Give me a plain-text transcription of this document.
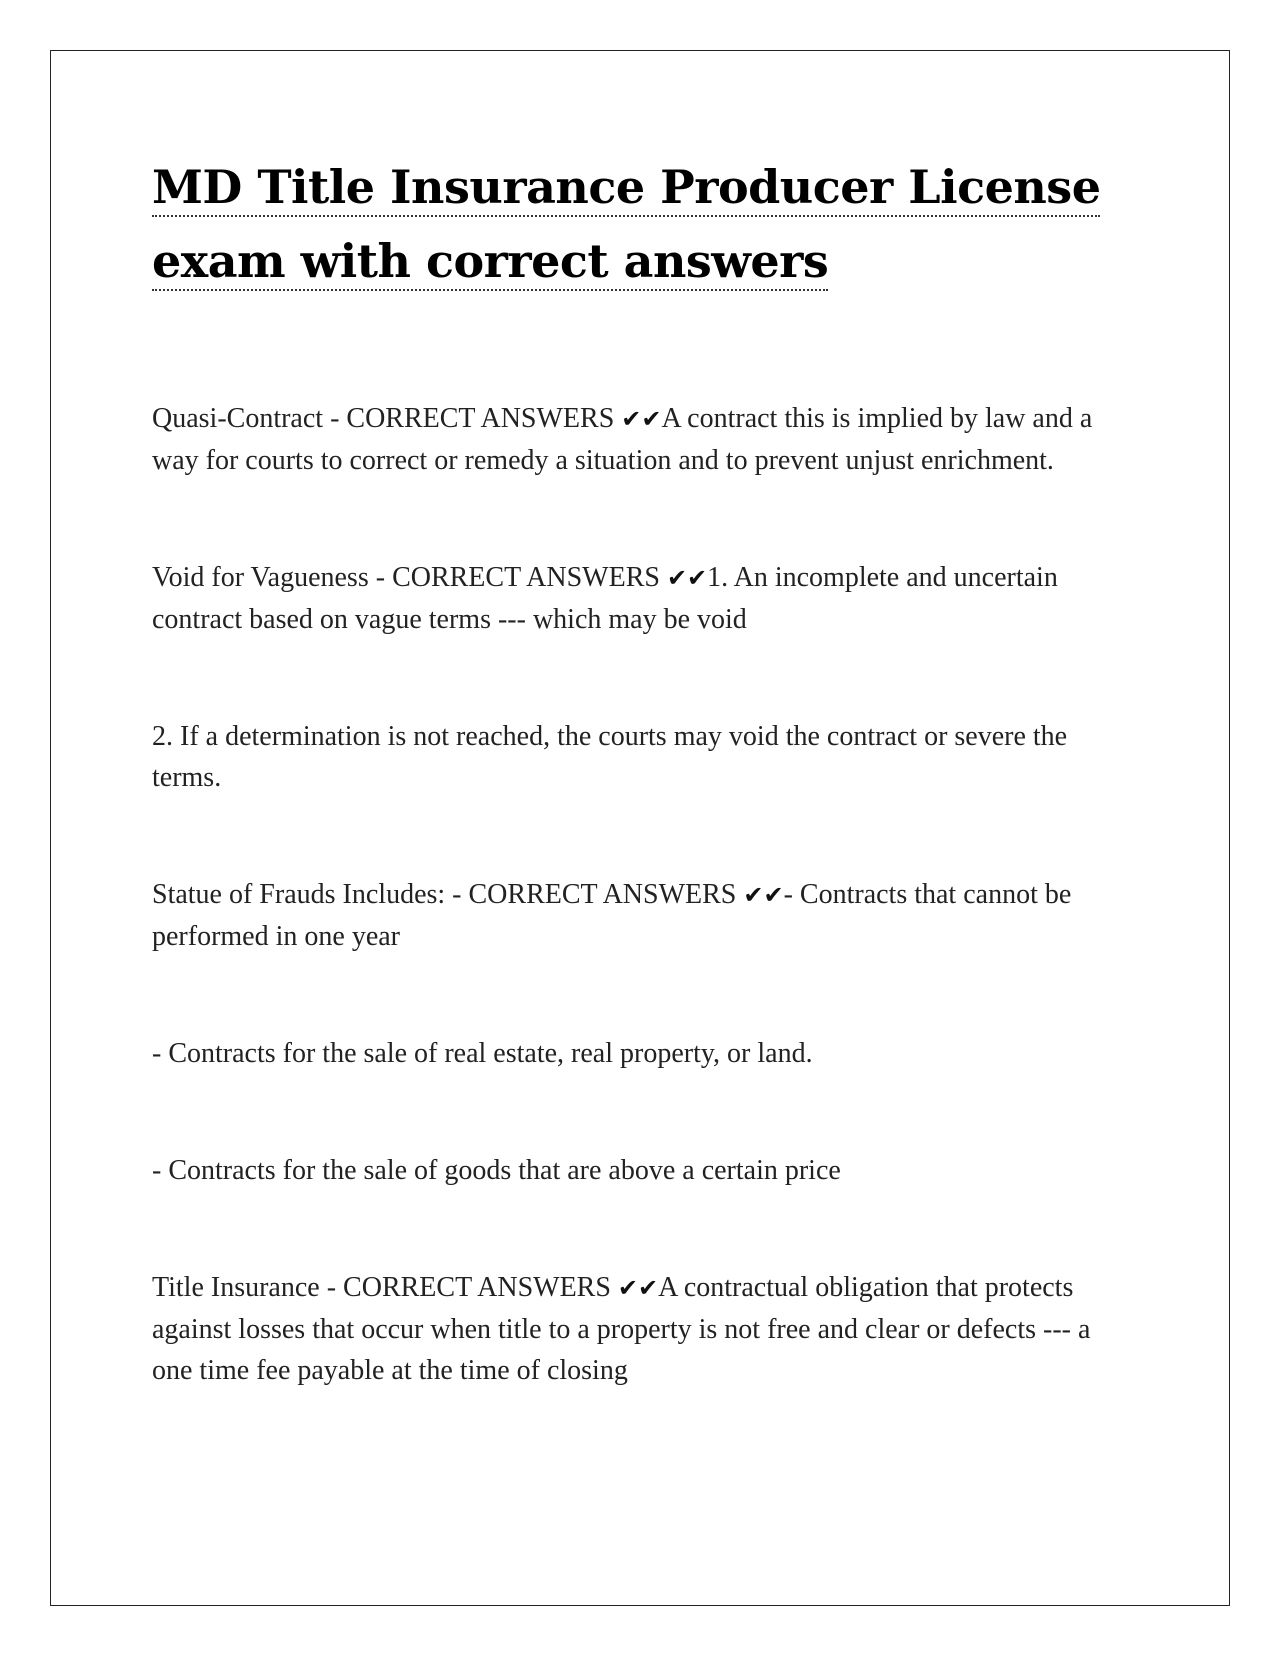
MD Title Insurance Producer License
exam with correct answers

Quasi-Contract - CORRECT ANSWERS ✔✔A contract this is implied by law and a way for courts to correct or remedy a situation and to prevent unjust enrichment.

Void for Vagueness - CORRECT ANSWERS ✔✔1. An incomplete and uncertain contract based on vague terms --- which may be void

2. If a determination is not reached, the courts may void the contract or severe the terms.

Statue of Frauds Includes: - CORRECT ANSWERS ✔✔- Contracts that cannot be performed in one year

- Contracts for the sale of real estate, real property, or land.

- Contracts for the sale of goods that are above a certain price

Title Insurance - CORRECT ANSWERS ✔✔A contractual obligation that protects against losses that occur when title to a property is not free and clear or defects --- a one time fee payable at the time of closing
